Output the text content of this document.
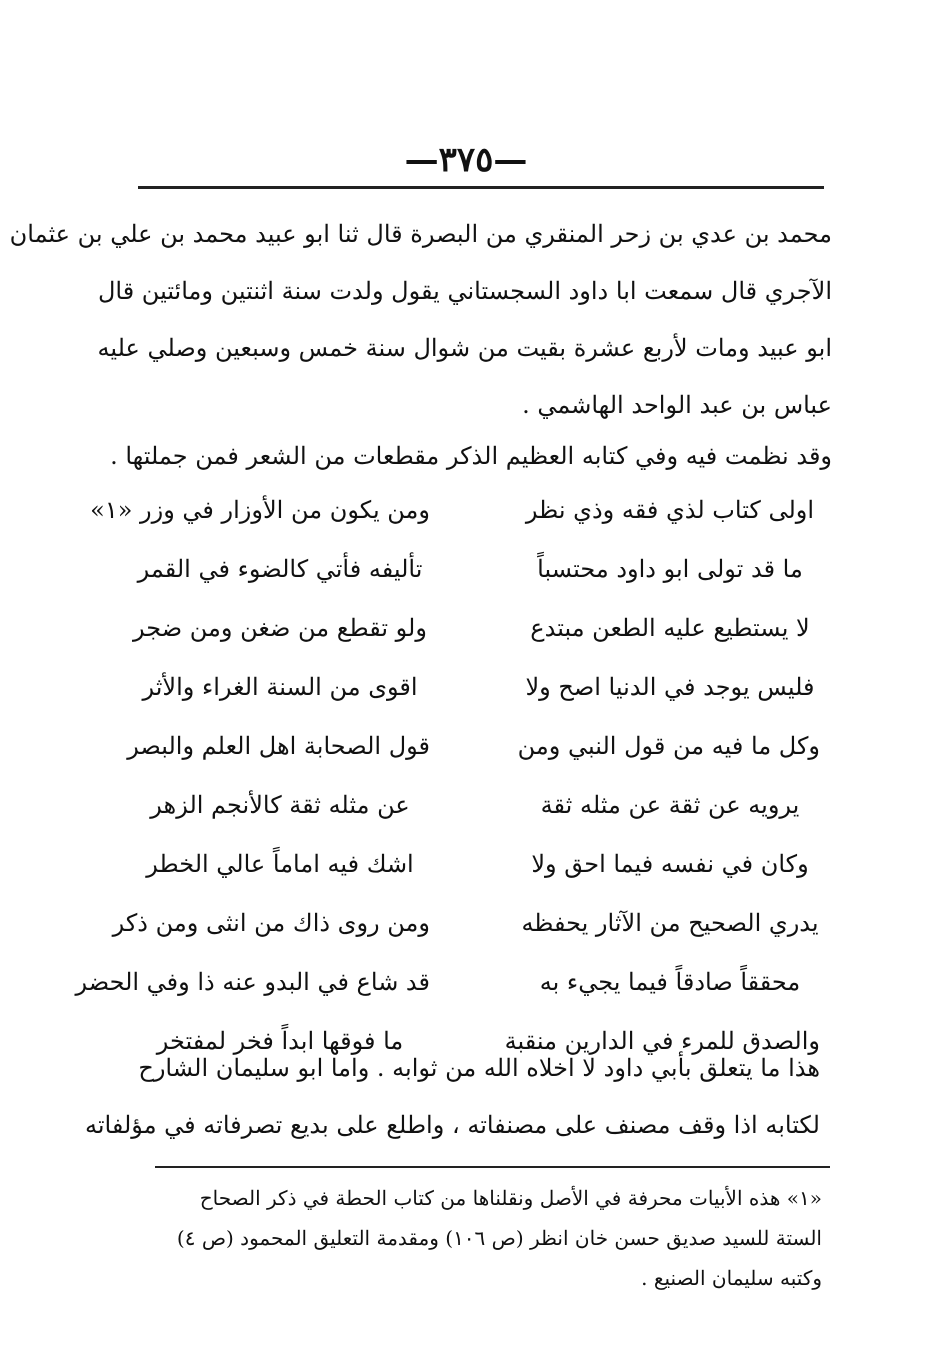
—٣٧٥—
محمد بن عدي بن زحر المنقري من البصرة قال ثنا ابو عبيد محمد بن علي بن عثمان
الآجري قال سمعت ابا داود السجستاني يقول ولدت سنة اثنتين ومائتين قال
ابو عبيد ومات لأربع عشرة بقيت من شوال سنة خمس وسبعين وصلي عليه
عباس بن عبد الواحد الهاشمي .
وقد نظمت فيه وفي كتابه العظيم الذكر مقطعات من الشعر فمن جملتها .
اولى كتاب لذي فقه وذي نظر
ومن يكون من الأوزار في وزر «١»
ما قد تولى ابو داود محتسباً
تأليفه فأتي كالضوء في القمر
لا يستطيع عليه الطعن مبتدع
ولو تقطع من ضغن ومن ضجر
فليس يوجد في الدنيا اصح ولا
اقوى من السنة الغراء والأثر
وكل ما فيه من قول النبي ومن
قول الصحابة اهل العلم والبصر
يرويه عن ثقة عن مثله ثقة
عن مثله ثقة كالأنجم الزهر
وكان في نفسه فيما احق ولا
اشك فيه اماماً عالي الخطر
يدري الصحيح من الآثار يحفظه
ومن روى ذاك من انثى ومن ذكر
محققاً صادقاً فيما يجيء به
قد شاع في البدو عنه ذا وفي الحضر
والصدق للمرء في الدارين منقبة
ما فوقها ابداً فخر لمفتخر
هذا ما يتعلق بأبي داود لا اخلاه الله من ثوابه . واما ابو سليمان الشارح
لكتابه اذا وقف مصنف على مصنفاته ، واطلع على بديع تصرفاته في مؤلفاته
«١» هذه الأبيات محرفة في الأصل ونقلناها من كتاب الحطة في ذكر الصحاح
الستة للسيد صديق حسن خان انظر (ص ١٠٦) ومقدمة التعليق المحمود (ص ٤)
وكتبه سليمان الصنيع .
